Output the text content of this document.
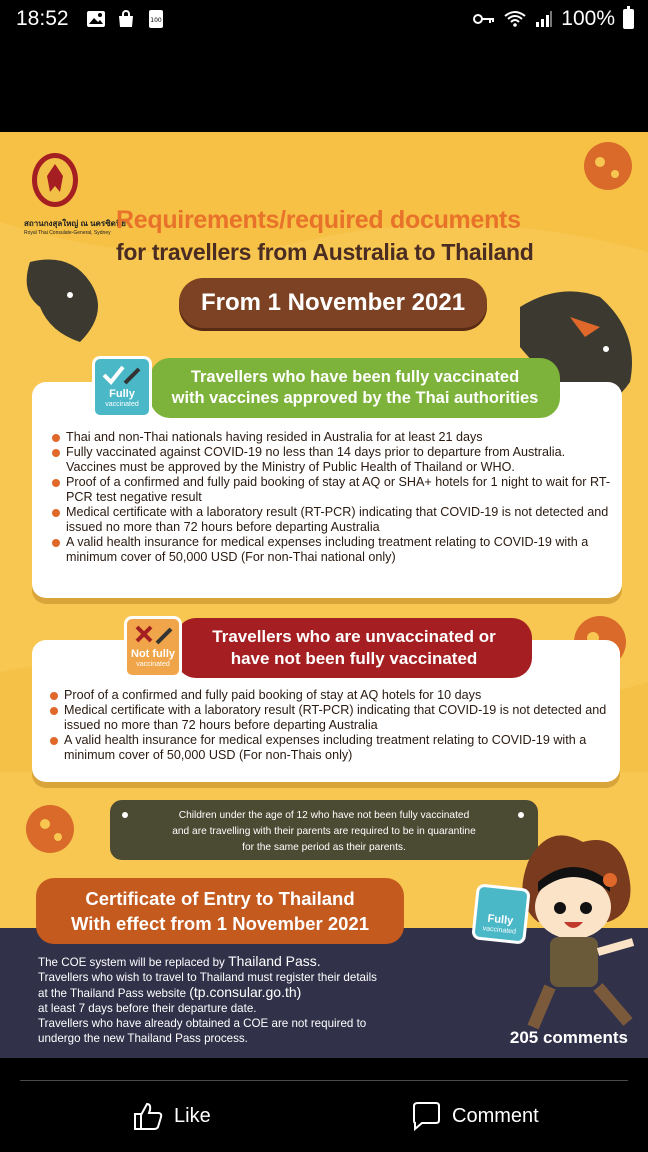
18:52	100	100%
สถานกงสุลใหญ่ ณ นครซิดนีย์
Royal Thai Consulate-General, Sydney Requirements/required documents
for travellers from Australia to Thailand
From 1 November 2021
Travellers who have been fully vaccinated
with vaccines approved by the Thai authorities
Fully
vaccinated
Thai and non-Thai nationals having resided in Australia for at least 21 days
Fully vaccinated against COVID-19 no less than 14 days prior to departure from Australia. Vaccines must be approved by the Ministry of Public Health of Thailand or WHO.
Proof of a confirmed and fully paid booking of stay at AQ or SHA+ hotels for 1 night to wait for RT-PCR test negative result
Medical certificate with a laboratory result (RT-PCR) indicating that COVID-19 is not detected and issued no more than 72 hours before departing Australia
A valid health insurance for medical expenses including treatment relating to COVID-19 with a minimum cover of 50,000 USD (For non-Thai national only)
Travellers who are unvaccinated or
have not been fully vaccinated
Not fully
vaccinated
Proof of a confirmed and fully paid booking of stay at AQ hotels for 10 days
Medical certificate with a laboratory result (RT-PCR) indicating that COVID-19 is not detected and issued no more than 72 hours before departing Australia
A valid health insurance for medical expenses including treatment relating to COVID-19 with a minimum cover of 50,000 USD (For non-Thais only)
Children under the age of 12 who have not been fully vaccinated
and are travelling with their parents are required to be in quarantine
for the same period as their parents.
Certificate of Entry to Thailand
With effect from 1 November 2021
The COE system will be replaced by Thailand Pass.
Travellers who wish to travel to Thailand must register their details
at the Thailand Pass website (tp.consular.go.th)
at least 7 days before their departure date.
Travellers who have already obtained a COE are not required to
undergo the new Thailand Pass process.
Fully
vaccinated
205 comments
Like	Comment
